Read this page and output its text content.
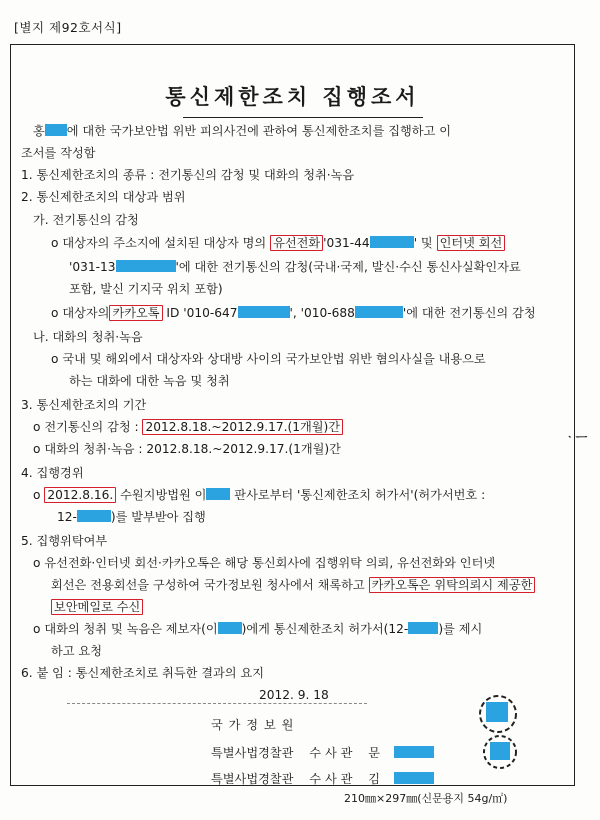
[별지 제92호서식]
통신제한조치 집행조서
홍 에 대한 국가보안법 위반 피의사건에 관하여 통신제한조치를 집행하고 이
조서를 작성함
1. 통신제한조치의 종류 : 전기통신의 감청 및 대화의 청취·녹음
2. 통신제한조치의 대상과 범위
가. 전기통신의 감청
o 대상자의 주소지에 설치된 대상자 명의 유선전화 '031-44	' 및 인터넷 회선
'031-13	'에 대한 전기통신의 감청(국내·국제, 발신·수신 통신사실확인자료
포함, 발신 기지국 위치 포함)
o 대상자의 카카오톡 ID '010-647	', '010-688	'에 대한 전기통신의 감청
나. 대화의 청취·녹음
o 국내 및 해외에서 대상자와 상대방 사이의 국가보안법 위반 혐의사실을 내용으로
하는 대화에 대한 녹음 및 청취
3. 통신제한조치의 기간
o 전기통신의 감청 : 2012.8.18.~2012.9.17.(1개월)간
o 대화의 청취·녹음 : 2012.8.18.~2012.9.17.(1개월)간
4. 집행경위
o 2012.8.16. 수원지방법원 이 판사로부터 '통신제한조치 허가서'(허가서번호 :
12-	)를 발부받아 집행
5. 집행위탁여부
o 유선전화·인터넷 회선·카카오톡은 해당 통신회사에 집행위탁 의뢰, 유선전화와 인터넷
회선은 전용회선을 구성하여 국가정보원 청사에서 채록하고 카카오톡은 위탁의뢰시 제공한
보안메일로 수신
o 대화의 청취 및 녹음은 제보자(이 )에게 통신제한조치 허가서(12- )를 제시
하고 요청
6. 붙 임 : 통신제한조치로 취득한 결과의 요지
2012. 9. 18
국 가 정 보 원
특별사법경찰관 수 사 관 문
특별사법경찰관 수 사 관 김
ᆞᅳ
210㎜×297㎜(신문용지 54g/㎡)
